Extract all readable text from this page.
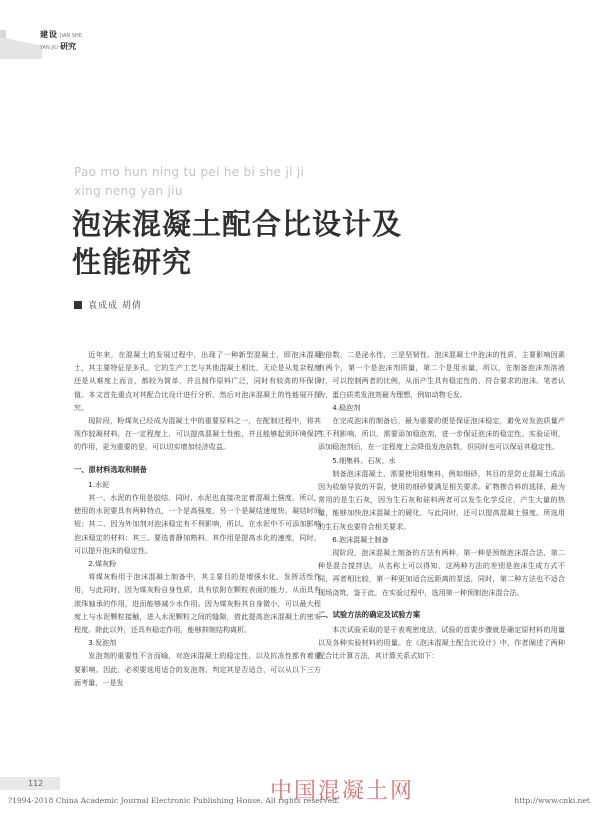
建设 JIAN SHE
YAN JIU 研究
Pao mo hun ning tu pei he bi she ji ji
xing neng yan jiu
泡沫混凝土配合比设计及
性能研究
袁成成 胡倩

近年来，在混凝土的发展过程中，出现了一种新型混凝土，即泡沫混凝土，其主要特征是多孔，它的生产工艺与其他混凝土相比，无论是从复杂程度还是从难度上而言，都较为简单，并且制作原料广泛，同时有较高的环保价值。本文首先重点对其配合比设计进行分析，然后对泡沫混凝土的性能展开探究。

现阶段，粉煤灰已经成为混凝土中的重要原料之一，在配制过程中，将其视作胶凝材料，在一定程度上，可以提高混凝土性能，并且能够起到环境保护的作用，更为重要的是，可以切实增加经济收益。

一、原材料选取和制备
1.水泥

其一、水泥的作用是胶结，同时，水泥也直接决定着混凝土强度，所以，使用的水泥要具有两种特点，一个是高强度，另一个是凝结速度快，凝结时间短；其二、因为外加剂对泡沫稳定有不利影响，所以，在水泥中不可添加影响泡沫稳定的材料；其三、要选普静加熟料，其作用是提高水化的速度，同时，可以提升泡沫的稳定性。

2.煤灰粉

将煤灰粉用于泡沫混凝土制备中，其主要目的是增强水化，发挥活性作用，与此同时，因为煤灰粉自身性质，具有依附在颗粒表面的能力，从而具有滚珠轴承的作用，进而能够减少水作用。因为煤灰粉其自身微小，可以最大程度上与水泥颗粒接触，进入水泥颗粒之间的缝隙，借此提高泡沫混凝土的密实程度。除此以外，还具有稳定作用，能够抑制结构离析。

3.发泡剂

发泡剂的重要性不言而喻，对泡沫混凝土的稳定性，以及抗冻性都有着重要影响。因此，必须要选用适合的发泡剂。判定其是否适合，可以从以下三方面考量，一是发

泡倍数，二是泌水性，三是坚韧性。泡沫混凝土中泡沫的性质，主要影响因素有两个，第一个是泡沫剂质量，第二个是用水量，所以，在制备泡沫剂溶液时，可以控制两者的比例，从而产生具有稳定性的、符合要求的泡沫。笔者认为，蛋白质类发泡剂最为理想，例如动物毛发。

4.稳泡剂

在完成泡沫的制备后，最为重要的便是保证泡沫稳定，避免对发泡质量产生不利影响，所以，需要添加稳泡剂，进一步保证泡沫的稳定性。实验证明，添加稳泡剂后，在一定程度上会降低发泡倍数，但同时也可以保证其稳定性。

5.细集料、石灰、水

制备泡沫混凝土，需要使用细集料，例如细砂，其目的是防止混凝土成品因为收缩导致的开裂，使用的细砂要满足相关要求。矿物掺合料的选择，最为常用的是生石灰，因为生石灰和硅料两者可以发生化学反应，产生大量的热量，能够加快泡沫混凝土的硬化，与此同时，还可以提高混凝土强度。所选用的生石灰也要符合相关要求。

6.泡沫混凝土制备

现阶段，泡沫混凝土制备的方法有两种，第一种是预制泡沫混合法，第二种是混合搅拌法，从名称上可以得知，这两种方法的差别是泡沫生成方式不同，再者相比较，第一种更加适合远距离的泵送，同时，第二种方法也不适合现场浇筑，鉴于此，在实验过程中，选用第一种预制泡沫混合法。

二、试验方法的确定及试验方案

本次试验采取的是干表观密度法，试验的首要步骤就是确定原材料的用量以及各种实验材料的用量。在《泡沫混凝土配合比设计》中，作者阐述了两种配合比计算方法，其计算关系式如下：

112	中国混凝土网
?1994-2018 China Academic Journal Electronic Publishing House. All rights reserved.	http://www.cnki.net
